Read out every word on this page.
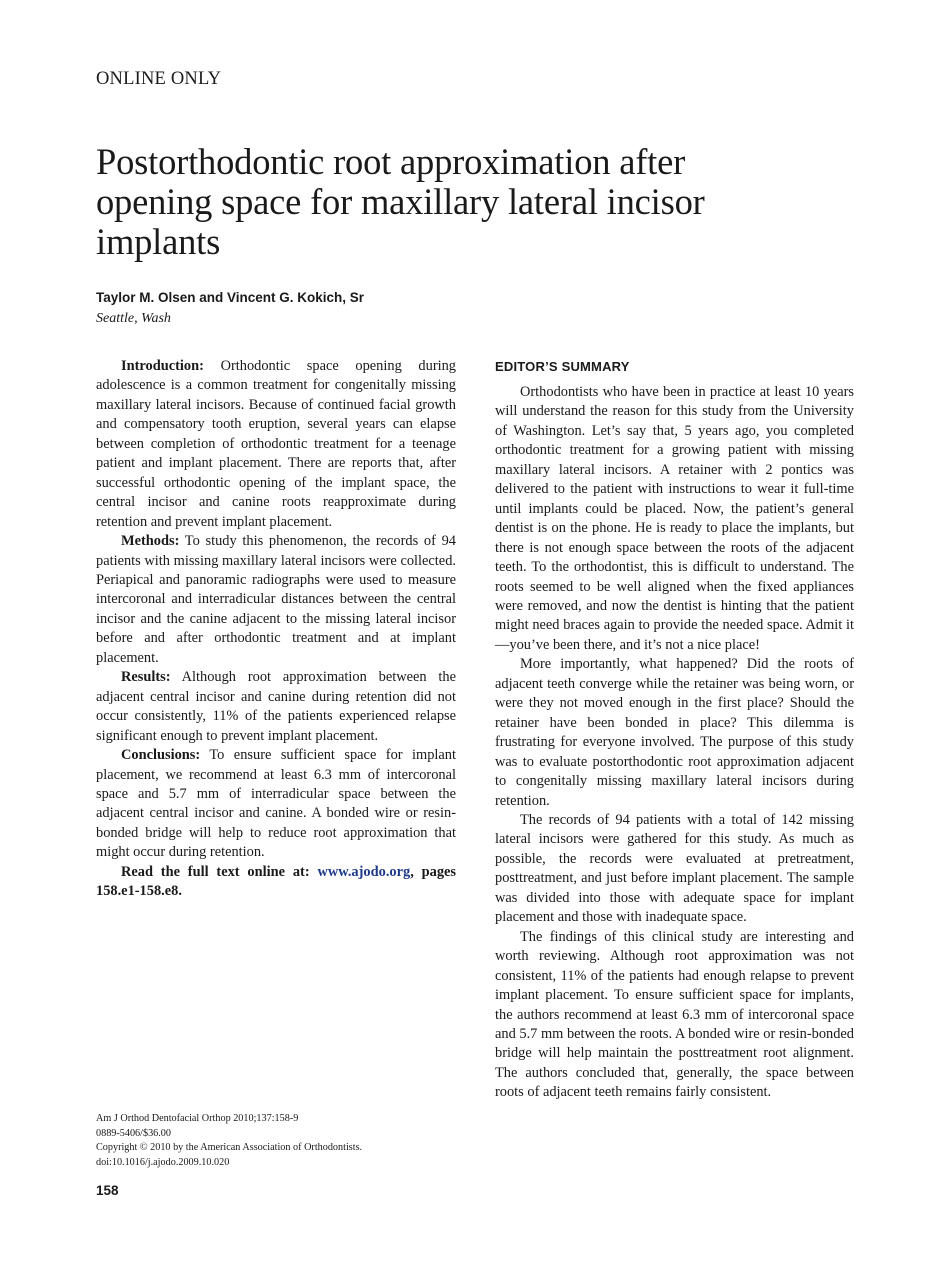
ONLINE ONLY
Postorthodontic root approximation after
opening space for maxillary lateral incisor
implants
Taylor M. Olsen and Vincent G. Kokich, Sr
Seattle, Wash

Introduction: Orthodontic space opening during adolescence is a common treatment for congenitally missing maxillary lateral incisors. Because of continued facial growth and compensatory tooth eruption, several years can elapse between completion of orthodontic treatment for a teenage patient and implant placement. There are reports that, after successful orthodontic opening of the implant space, the central incisor and canine roots reapproximate during retention and prevent implant placement.

Methods: To study this phenomenon, the records of 94 patients with missing maxillary lateral incisors were collected. Periapical and panoramic radiographs were used to measure intercoronal and interradicular distances between the central incisor and the canine adjacent to the missing lateral incisor before and after orthodontic treatment and at implant placement.

Results: Although root approximation between the adjacent central incisor and canine during retention did not occur consistently, 11% of the patients experienced relapse significant enough to prevent implant placement.

Conclusions: To ensure sufficient space for implant placement, we recommend at least 6.3 mm of intercoronal space and 5.7 mm of interradicular space between the adjacent central incisor and canine. A bonded wire or resin-bonded bridge will help to reduce root approximation that might occur during retention.

Read the full text online at: www.ajodo.org, pages 158.e1-158.e8.

EDITOR’S SUMMARY

Orthodontists who have been in practice at least 10 years will understand the reason for this study from the University of Washington. Let’s say that, 5 years ago, you completed orthodontic treatment for a growing patient with missing maxillary lateral incisors. A retainer with 2 pontics was delivered to the patient with instructions to wear it full-time until implants could be placed. Now, the patient’s general dentist is on the phone. He is ready to place the implants, but there is not enough space between the roots of the adjacent teeth. To the orthodontist, this is difficult to understand. The roots seemed to be well aligned when the fixed appliances were removed, and now the dentist is hinting that the patient might need braces again to provide the needed space. Admit it—you’ve been there, and it’s not a nice place!

More importantly, what happened? Did the roots of adjacent teeth converge while the retainer was being worn, or were they not moved enough in the first place? Should the retainer have been bonded in place? This dilemma is frustrating for everyone involved. The purpose of this study was to evaluate postorthodontic root approximation adjacent to congenitally missing maxillary lateral incisors during retention.

The records of 94 patients with a total of 142 missing lateral incisors were gathered for this study. As much as possible, the records were evaluated at pretreatment, posttreatment, and just before implant placement. The sample was divided into those with adequate space for implant placement and those with inadequate space.

The findings of this clinical study are interesting and worth reviewing. Although root approximation was not consistent, 11% of the patients had enough relapse to prevent implant placement. To ensure sufficient space for implants, the authors recommend at least 6.3 mm of intercoronal space and 5.7 mm between the roots. A bonded wire or resin-bonded bridge will help maintain the posttreatment root alignment. The authors concluded that, generally, the space between roots of adjacent teeth remains fairly consistent.

Am J Orthod Dentofacial Orthop 2010;137:158-9
0889-5406/$36.00
Copyright © 2010 by the American Association of Orthodontists.
doi:10.1016/j.ajodo.2009.10.020
158
